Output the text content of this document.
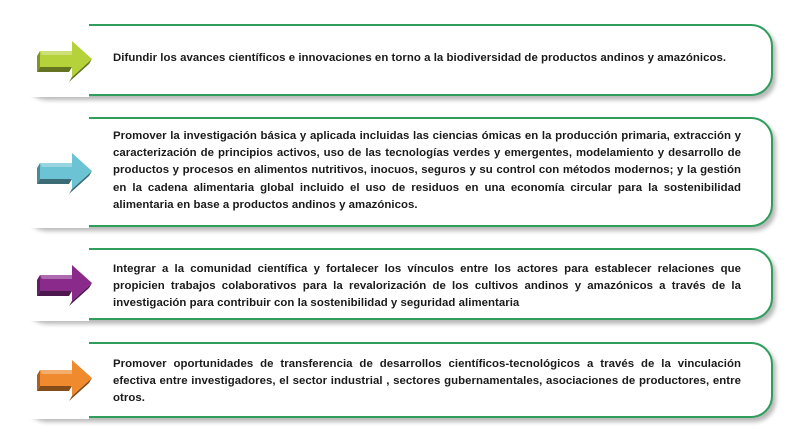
Difundir los avances científicos e innovaciones en torno a la biodiversidad de productos andinos y amazónicos.
Promover la investigación básica y aplicada incluidas las ciencias ómicas en la producción primaria, extracción y caracterización de principios activos, uso de las tecnologías verdes y emergentes, modelamiento y desarrollo de productos y procesos en alimentos nutritivos, inocuos, seguros y su control con métodos modernos; y la gestión en la cadena alimentaria global incluido el uso de residuos en una economía circular para la sostenibilidad alimentaria en base a productos andinos y amazónicos.
Integrar a la comunidad científica y fortalecer los vínculos entre los actores para establecer relaciones que propicien trabajos colaborativos para la revalorización de los cultivos andinos y amazónicos a través de la investigación para contribuir con la sostenibilidad y seguridad alimentaria
Promover oportunidades de transferencia de desarrollos científicos-tecnológicos a través de la vinculación efectiva entre investigadores, el sector industrial , sectores gubernamentales, asociaciones de productores, entre otros.
